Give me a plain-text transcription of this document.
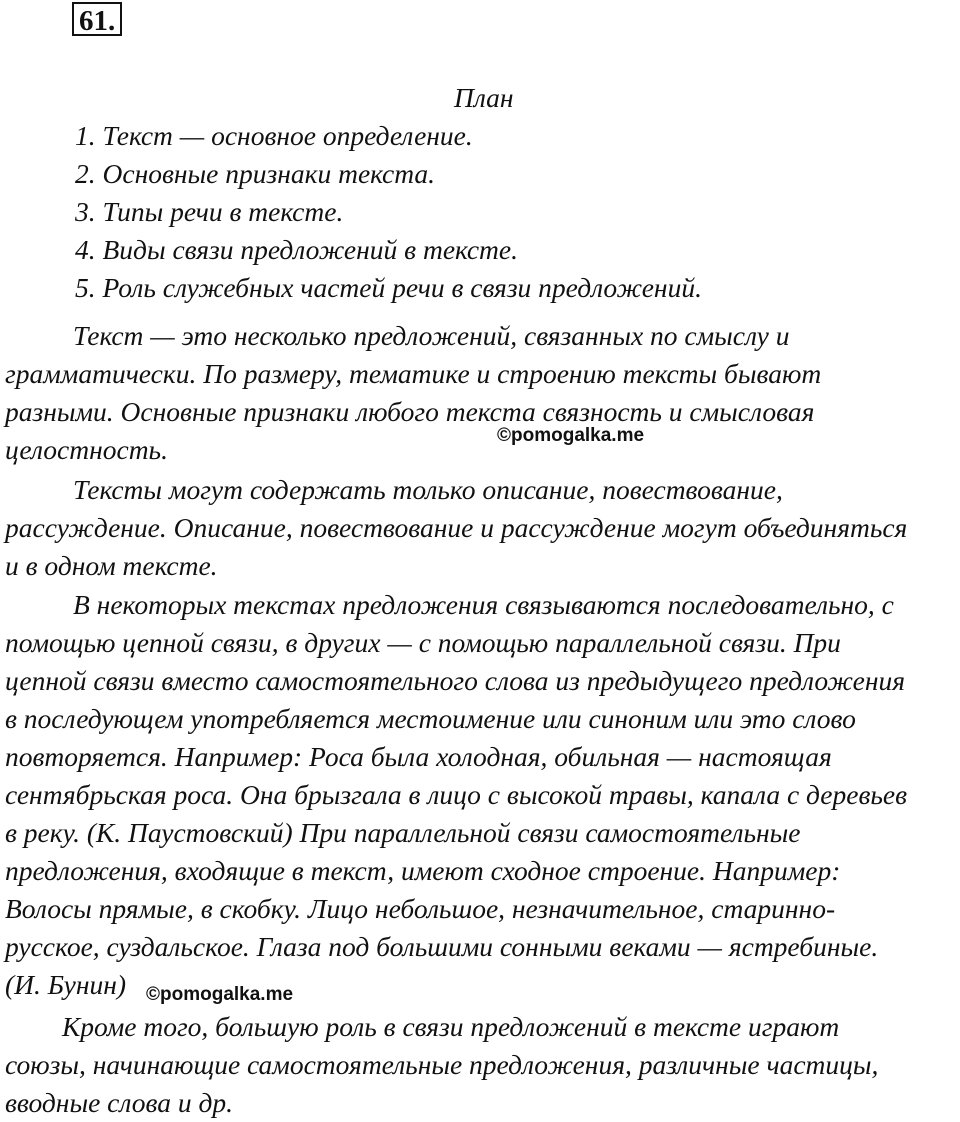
61.
План
1. Текст — основное определение.
2. Основные признаки текста.
3. Типы речи в тексте.
4. Виды связи предложений в тексте.
5. Роль служебных частей речи в связи предложений.
Текст — это несколько предложений, связанных по смыслу и
грамматически. По размеру, тематике и строению тексты бывают
разными. Основные признаки любого текста связность и смысловая
целостность.	©pomogalka.me
Тексты могут содержать только описание, повествование,
рассуждение. Описание, повествование и рассуждение могут объединяться
и в одном тексте.
В некоторых текстах предложения связываются последовательно, с
помощью цепной связи, в других — с помощью параллельной связи. При
цепной связи вместо самостоятельного слова из предыдущего предложения
в последующем употребляется местоимение или синоним или это слово
повторяется. Например: Роса была холодная, обильная — настоящая
сентябрьская роса. Она брызгала в лицо с высокой травы, капала с деревьев
в реку. (К. Паустовский) При параллельной связи самостоятельные
предложения, входящие в текст, имеют сходное строение. Например:
Волосы прямые, в скобку. Лицо небольшое, незначительное, старинно-
русское, суздальское. Глаза под большими сонными веками — ястребиные.
(И. Бунин) ©pomogalka.me
Кроме того, большую роль в связи предложений в тексте играют
союзы, начинающие самостоятельные предложения, различные частицы,
вводные слова и др.
